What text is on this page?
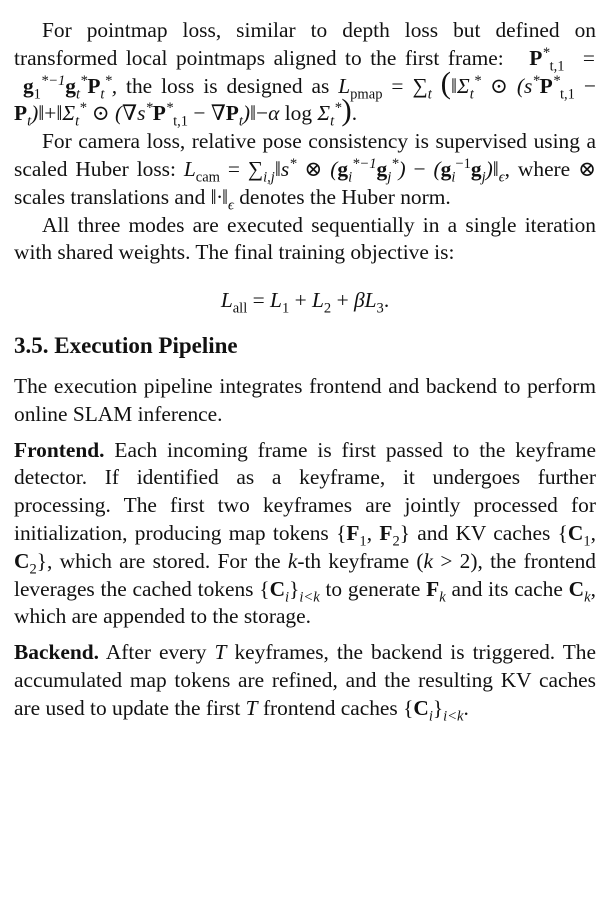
For pointmap loss, similar to depth loss but defined on transformed local pointmaps aligned to the first frame: $P^*_{t,1} = g_1^{*-1}g_t^*P_t^*$, the loss is designed as $L_{pmap} = \sum_t$ ($‖\Sigma_t^*$ ⊙ ($s^*P^*_{t,1}$ − $P_t)‖+‖\Sigma_t^*$ ⊙ ($\nabla s^*P^*_{t,1}$ − $\nabla P_t)‖-\alpha$ $\log \Sigma_t^*$).

For camera loss, relative pose consistency is supervised using a scaled Huber loss: $L_{cam}$ = $\sum_{i,j}‖s^*$ ⊗ $(g_i^{*-1}g_j^*)$ − $(g_i^{-1}g_j)‖_\epsilon$, where ⊗ scales translations and $‖\cdot‖_\epsilon$ denotes the Huber norm.

All three modes are executed sequentially in a single iteration with shared weights. The final training objective is:

$L_{all} = L_1 + L_2 + \beta L_3$.

3.5. Execution Pipeline

The execution pipeline integrates frontend and backend to perform online SLAM inference.

Frontend. Each incoming frame is first passed to the keyframe detector. If identified as a keyframe, it undergoes further processing. The first two keyframes are jointly processed for initialization, producing map tokens {$F_1$, $F_2$} and KV caches {$C_1$, $C_2$}, which are stored. For the k-th keyframe (k > 2), the frontend leverages the cached tokens $\{C_i\}_{i<k}$ to generate $F_k$ and its cache $C_k$, which are appended to the storage.

Backend. After every T keyframes, the backend is triggered. The accumulated map tokens are refined, and the resulting KV caches are used to update the first T frontend caches $\{C_i\}_{i<k}$.
